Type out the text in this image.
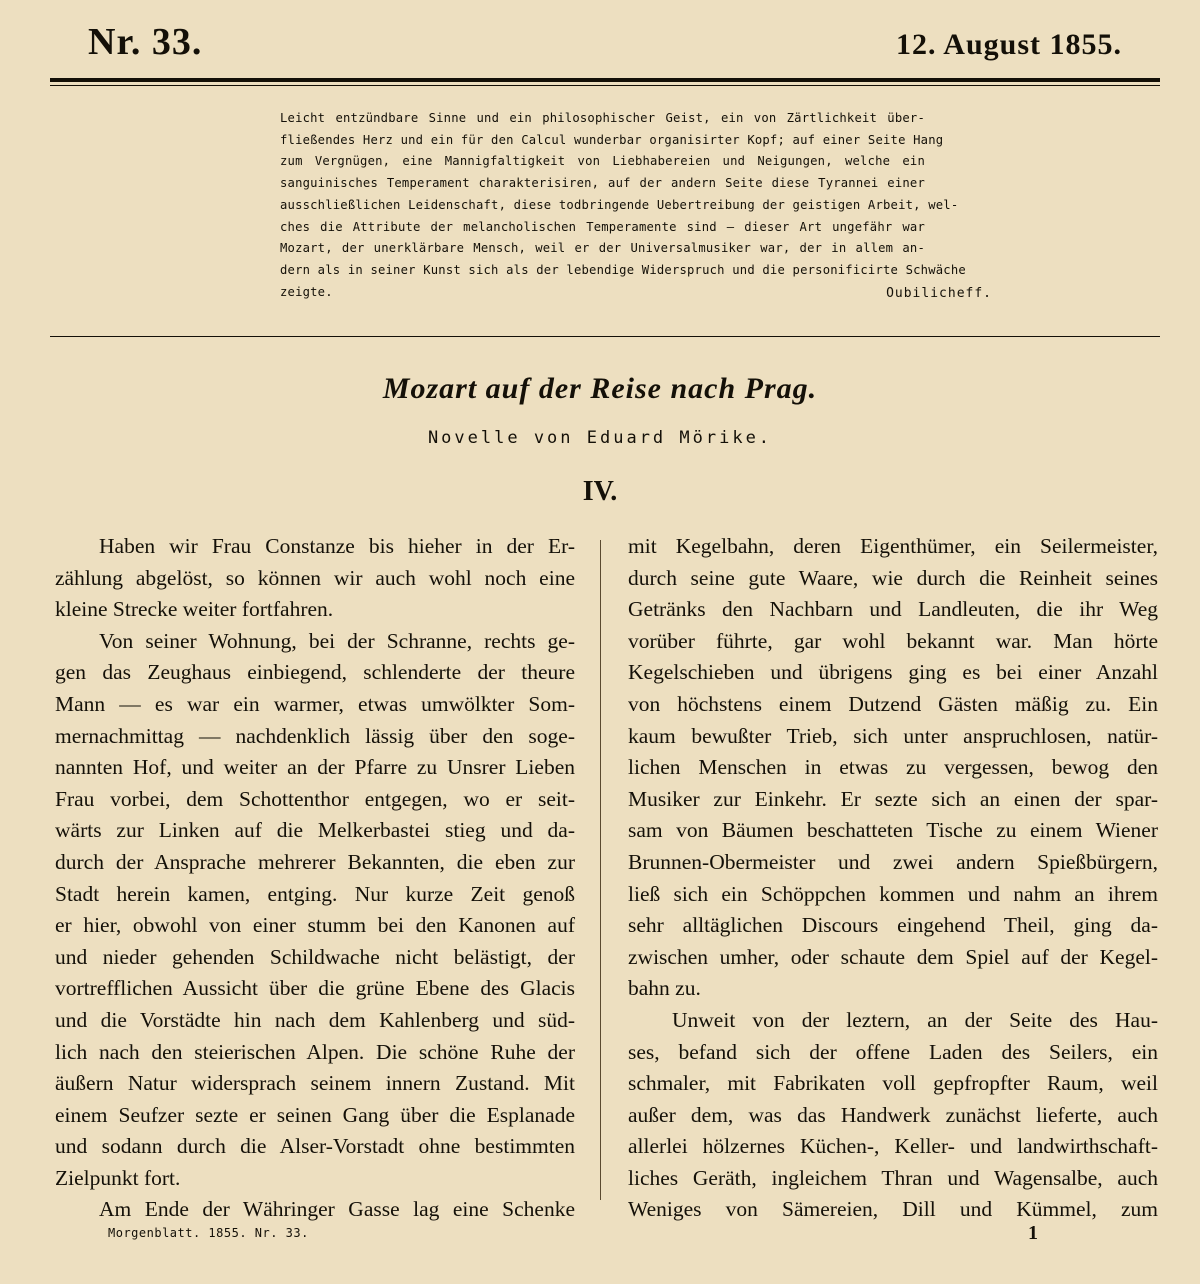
Nr. 33.	12. August 1855.
Leicht entzündbare Sinne und ein philosophischer Geist, ein von Zärtlichkeit über-
fließendes Herz und ein für den Calcul wunderbar organisirter Kopf; auf einer Seite Hang
zum Vergnügen, eine Mannigfaltigkeit von Liebhabereien und Neigungen, welche ein
sanguinisches Temperament charakterisiren, auf der andern Seite diese Tyrannei einer
ausschließlichen Leidenschaft, diese todbringende Uebertreibung der geistigen Arbeit, wel-
ches die Attribute der melancholischen Temperamente sind — dieser Art ungefähr war
Mozart, der unerklärbare Mensch, weil er der Universalmusiker war, der in allem an-
dern als in seiner Kunst sich als der lebendige Widerspruch und die personificirte Schwäche
zeigte.	Oubilicheff.
Mozart auf der Reise nach Prag.
Novelle von Eduard Mörike.
IV.
Haben wir Frau Constanze bis hieher in der Er-
zählung abgelöst, so können wir auch wohl noch eine
kleine Strecke weiter fortfahren.
Von seiner Wohnung, bei der Schranne, rechts ge-
gen das Zeughaus einbiegend, schlenderte der theure
Mann — es war ein warmer, etwas umwölkter Som-
mernachmittag — nachdenklich lässig über den soge-
nannten Hof, und weiter an der Pfarre zu Unsrer Lieben
Frau vorbei, dem Schottenthor entgegen, wo er seit-
wärts zur Linken auf die Melkerbastei stieg und da-
durch der Ansprache mehrerer Bekannten, die eben zur
Stadt herein kamen, entging. Nur kurze Zeit genoß
er hier, obwohl von einer stumm bei den Kanonen auf
und nieder gehenden Schildwache nicht belästigt, der
vortrefflichen Aussicht über die grüne Ebene des Glacis
und die Vorstädte hin nach dem Kahlenberg und süd-
lich nach den steierischen Alpen. Die schöne Ruhe der
äußern Natur widersprach seinem innern Zustand. Mit
einem Seufzer sezte er seinen Gang über die Esplanade
und sodann durch die Alser-Vorstadt ohne bestimmten
Zielpunkt fort.
Am Ende der Währinger Gasse lag eine Schenke
mit Kegelbahn, deren Eigenthümer, ein Seilermeister,
durch seine gute Waare, wie durch die Reinheit seines
Getränks den Nachbarn und Landleuten, die ihr Weg
vorüber führte, gar wohl bekannt war. Man hörte
Kegelschieben und übrigens ging es bei einer Anzahl
von höchstens einem Dutzend Gästen mäßig zu. Ein
kaum bewußter Trieb, sich unter anspruchlosen, natür-
lichen Menschen in etwas zu vergessen, bewog den
Musiker zur Einkehr. Er sezte sich an einen der spar-
sam von Bäumen beschatteten Tische zu einem Wiener
Brunnen-Obermeister und zwei andern Spießbürgern,
ließ sich ein Schöppchen kommen und nahm an ihrem
sehr alltäglichen Discours eingehend Theil, ging da-
zwischen umher, oder schaute dem Spiel auf der Kegel-
bahn zu.
Unweit von der leztern, an der Seite des Hau-
ses, befand sich der offene Laden des Seilers, ein
schmaler, mit Fabrikaten voll gepfropfter Raum, weil
außer dem, was das Handwerk zunächst lieferte, auch
allerlei hölzernes Küchen-, Keller- und landwirthschaft-
liches Geräth, ingleichem Thran und Wagensalbe, auch
Weniges von Sämereien, Dill und Kümmel, zum
Morgenblatt. 1855. Nr. 33.	1
